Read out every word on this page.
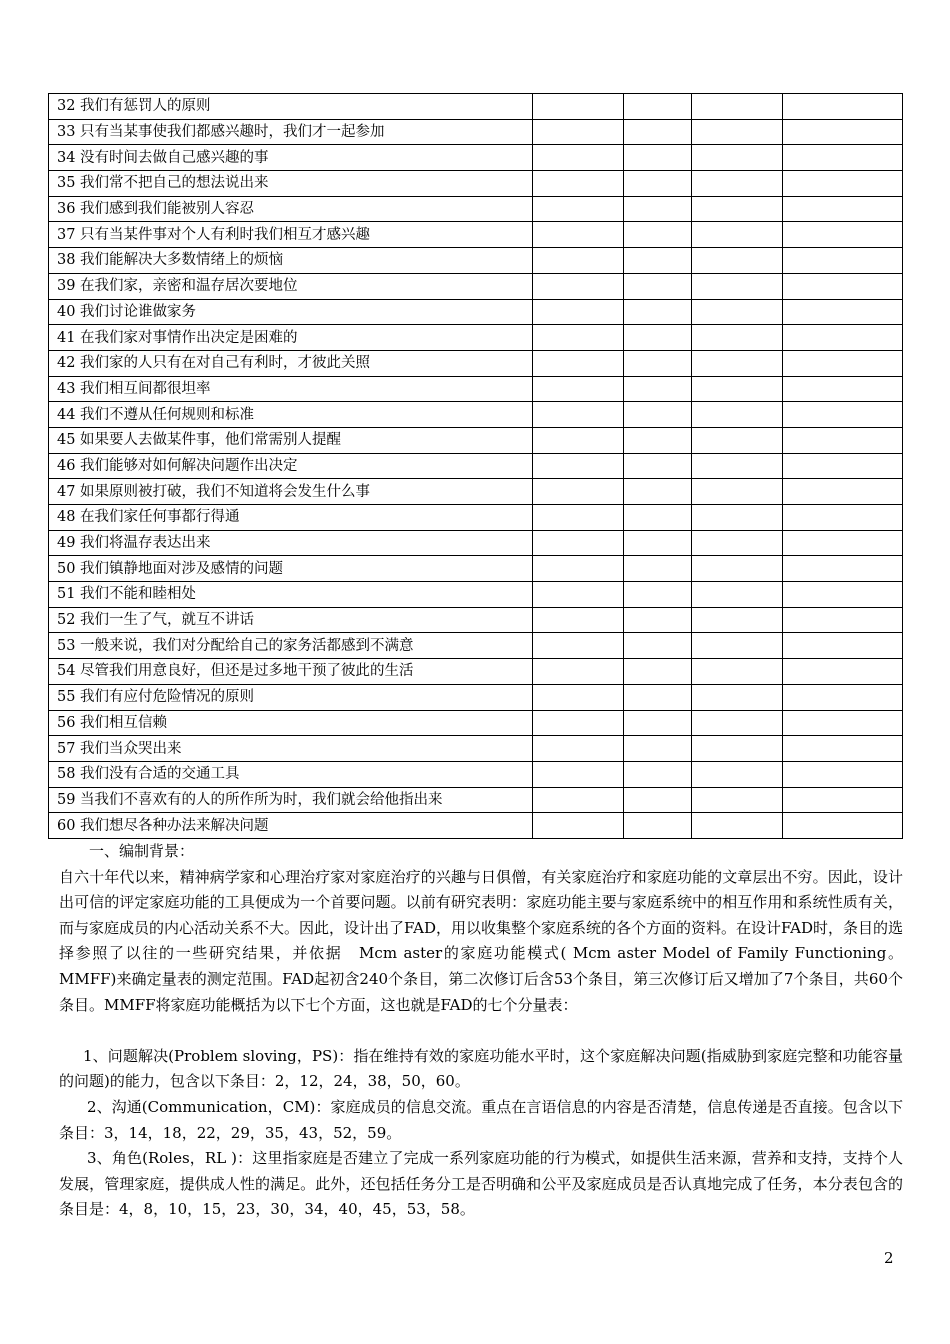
32 我们有惩罚人的原则				
33 只有当某事使我们都感兴趣时，我们才一起参加				
34 没有时间去做自己感兴趣的事				
35 我们常不把自己的想法说出来				
36 我们感到我们能被别人容忍				
37 只有当某件事对个人有利时我们相互才感兴趣				
38 我们能解决大多数情绪上的烦恼				
39 在我们家，亲密和温存居次要地位				
40 我们讨论谁做家务				
41 在我们家对事情作出决定是困难的				
42 我们家的人只有在对自己有利时，才彼此关照				
43 我们相互间都很坦率				
44 我们不遵从任何规则和标准				
45 如果要人去做某件事，他们常需别人提醒				
46 我们能够对如何解决问题作出决定				
47 如果原则被打破，我们不知道将会发生什么事				
48 在我们家任何事都行得通				
49 我们将温存表达出来				
50 我们镇静地面对涉及感情的问题				
51 我们不能和睦相处				
52 我们一生了气，就互不讲话				
53 一般来说，我们对分配给自己的家务活都感到不满意				
54 尽管我们用意良好，但还是过多地干预了彼此的生活				
55 我们有应付危险情况的原则				
56 我们相互信赖				
57 我们当众哭出来				
58 我们没有合适的交通工具				
59 当我们不喜欢有的人的所作所为时，我们就会给他指出来				
60 我们想尽各种办法来解决问题				

一、编制背景：

自六十年代以来，精神病学家和心理治疗家对家庭治疗的兴趣与日俱僧，有关家庭治疗和家庭功能的文章层出不穷。因此，设计出可信的评定家庭功能的工具便成为一个首要问题。以前有研究表明：家庭功能主要与家庭系统中的相互作用和系统性质有关，而与家庭成员的内心活动关系不大。因此，设计出了FAD，用以收集整个家庭系统的各个方面的资料。在设计FAD时，条目的选择参照了以往的一些研究结果，并依据　Mcm aster的家庭功能模式( Mcm aster Model of Family Functioning。MMFF)来确定量表的测定范围。FAD起初含240个条目，第二次修订后含53个条目，第三次修订后又增加了7个条目，共60个条目。MMFF将家庭功能概括为以下七个方面，这也就是FAD的七个分量表：

1、问题解决(Problem sloving，PS)：指在维持有效的家庭功能水平时，这个家庭解决问题(指威胁到家庭完整和功能容量的问题)的能力，包含以下条目：2，12，24，38，50，60。

2、沟通(Communication，CM)：家庭成员的信息交流。重点在言语信息的内容是否清楚，信息传递是否直接。包含以下条目：3，14，18，22，29，35，43，52，59。

3、角色(Roles，RL )：这里指家庭是否建立了完成一系列家庭功能的行为模式，如提供生活来源，营养和支持，支持个人发展，管理家庭，提供成人性的满足。此外，还包括任务分工是否明确和公平及家庭成员是否认真地完成了任务，本分表包含的条目是：4，8，10，15，23，30，34，40，45，53，58。

2
